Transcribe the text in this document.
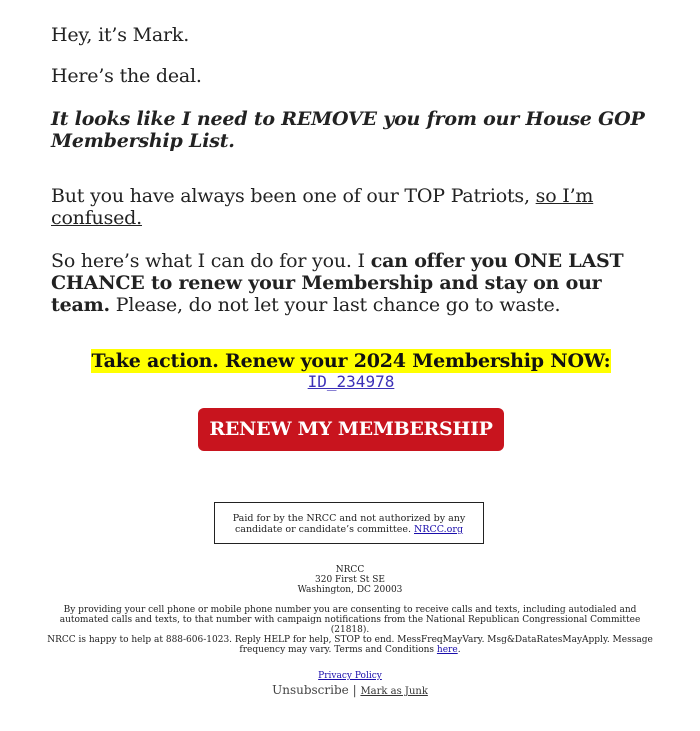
Hey, it’s Mark.

Here’s the deal.

It looks like I need to REMOVE you from our House GOP Membership List.

But you have always been one of our TOP Patriots, so I’m confused.

So here’s what I can do for you. I can offer you ONE LAST CHANCE to renew your Membership and stay on our team. Please, do not let your last chance go to waste.

Take action. Renew your 2024 Membership NOW:
ID_234978
RENEW MY MEMBERSHIP
Paid for by the NRCC and not authorized by any candidate or candidate’s committee. NRCC.org
NRCC
320 First St SE
Washington, DC 20003
By providing your cell phone or mobile phone number you are consenting to receive calls and texts, including autodialed and automated calls and texts, to that number with campaign notifications from the National Republican Congressional Committee (21818).
NRCC is happy to help at 888-606-1023. Reply HELP for help, STOP to end. MessFreqMayVary. Msg&DataRatesMayApply. Message frequency may vary. Terms and Conditions here.
Privacy Policy
Unsubscribe | Mark as Junk
